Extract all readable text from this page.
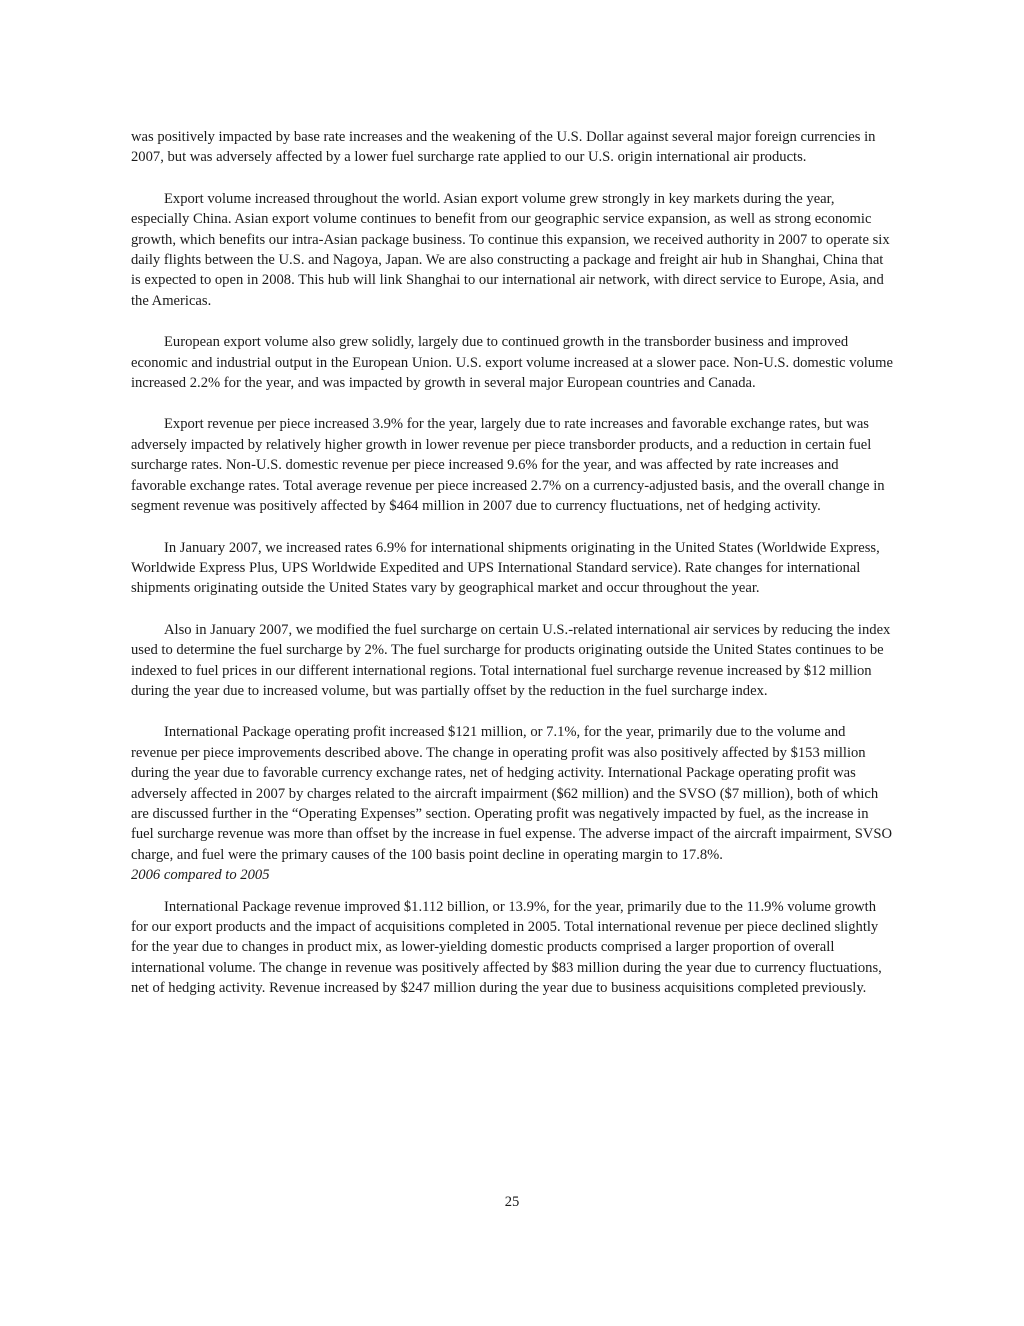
was positively impacted by base rate increases and the weakening of the U.S. Dollar against several major foreign currencies in 2007, but was adversely affected by a lower fuel surcharge rate applied to our U.S. origin international air products.

Export volume increased throughout the world. Asian export volume grew strongly in key markets during the year, especially China. Asian export volume continues to benefit from our geographic service expansion, as well as strong economic growth, which benefits our intra-Asian package business. To continue this expansion, we received authority in 2007 to operate six daily flights between the U.S. and Nagoya, Japan. We are also constructing a package and freight air hub in Shanghai, China that is expected to open in 2008. This hub will link Shanghai to our international air network, with direct service to Europe, Asia, and the Americas.

European export volume also grew solidly, largely due to continued growth in the transborder business and improved economic and industrial output in the European Union. U.S. export volume increased at a slower pace. Non-U.S. domestic volume increased 2.2% for the year, and was impacted by growth in several major European countries and Canada.

Export revenue per piece increased 3.9% for the year, largely due to rate increases and favorable exchange rates, but was adversely impacted by relatively higher growth in lower revenue per piece transborder products, and a reduction in certain fuel surcharge rates. Non-U.S. domestic revenue per piece increased 9.6% for the year, and was affected by rate increases and favorable exchange rates. Total average revenue per piece increased 2.7% on a currency-adjusted basis, and the overall change in segment revenue was positively affected by $464 million in 2007 due to currency fluctuations, net of hedging activity.

In January 2007, we increased rates 6.9% for international shipments originating in the United States (Worldwide Express, Worldwide Express Plus, UPS Worldwide Expedited and UPS International Standard service). Rate changes for international shipments originating outside the United States vary by geographical market and occur throughout the year.

Also in January 2007, we modified the fuel surcharge on certain U.S.-related international air services by reducing the index used to determine the fuel surcharge by 2%. The fuel surcharge for products originating outside the United States continues to be indexed to fuel prices in our different international regions. Total international fuel surcharge revenue increased by $12 million during the year due to increased volume, but was partially offset by the reduction in the fuel surcharge index.

International Package operating profit increased $121 million, or 7.1%, for the year, primarily due to the volume and revenue per piece improvements described above. The change in operating profit was also positively affected by $153 million during the year due to favorable currency exchange rates, net of hedging activity. International Package operating profit was adversely affected in 2007 by charges related to the aircraft impairment ($62 million) and the SVSO ($7 million), both of which are discussed further in the “Operating Expenses” section. Operating profit was negatively impacted by fuel, as the increase in fuel surcharge revenue was more than offset by the increase in fuel expense. The adverse impact of the aircraft impairment, SVSO charge, and fuel were the primary causes of the 100 basis point decline in operating margin to 17.8%.

2006 compared to 2005

International Package revenue improved $1.112 billion, or 13.9%, for the year, primarily due to the 11.9% volume growth for our export products and the impact of acquisitions completed in 2005. Total international revenue per piece declined slightly for the year due to changes in product mix, as lower-yielding domestic products comprised a larger proportion of overall international volume. The change in revenue was positively affected by $83 million during the year due to currency fluctuations, net of hedging activity. Revenue increased by $247 million during the year due to business acquisitions completed previously.

25
